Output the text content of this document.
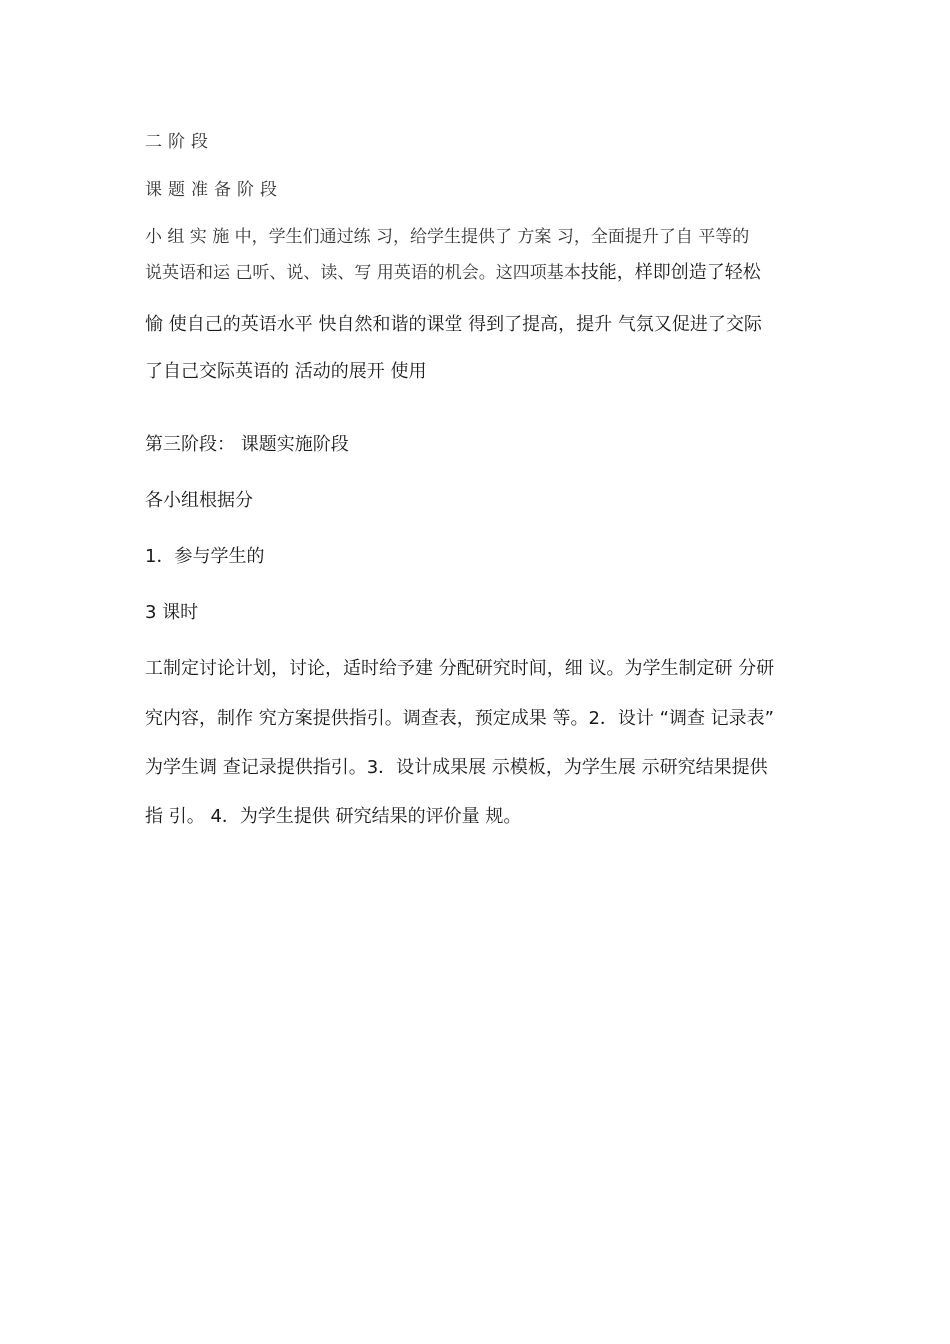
二阶段
课题准备阶段
小 组 实 施 中，学生们通过练 习，给学生提供了 方案 习，全面提升了自 平等的
说英语和运 己听、说、读、写 用英语的机会。这四项基本技能，样即创造了轻松
愉 使自己的英语水平 快自然和谐的课堂 得到了提高，提升 气氛又促进了交际
了自己交际英语的 活动的展开 使用
第三阶段： 课题实施阶段
各小组根据分
1．参与学生的
3 课时
工制定讨论计划，讨论，适时给予建 分配研究时间，细 议。为学生制定研 分研
究内容，制作 究方案提供指引。调查表，预定成果 等。2．设计 “调查 记录表”
为学生调 查记录提供指引。3．设计成果展 示模板，为学生展 示研究结果提供
指 引。 4．为学生提供 研究结果的评价量 规。
